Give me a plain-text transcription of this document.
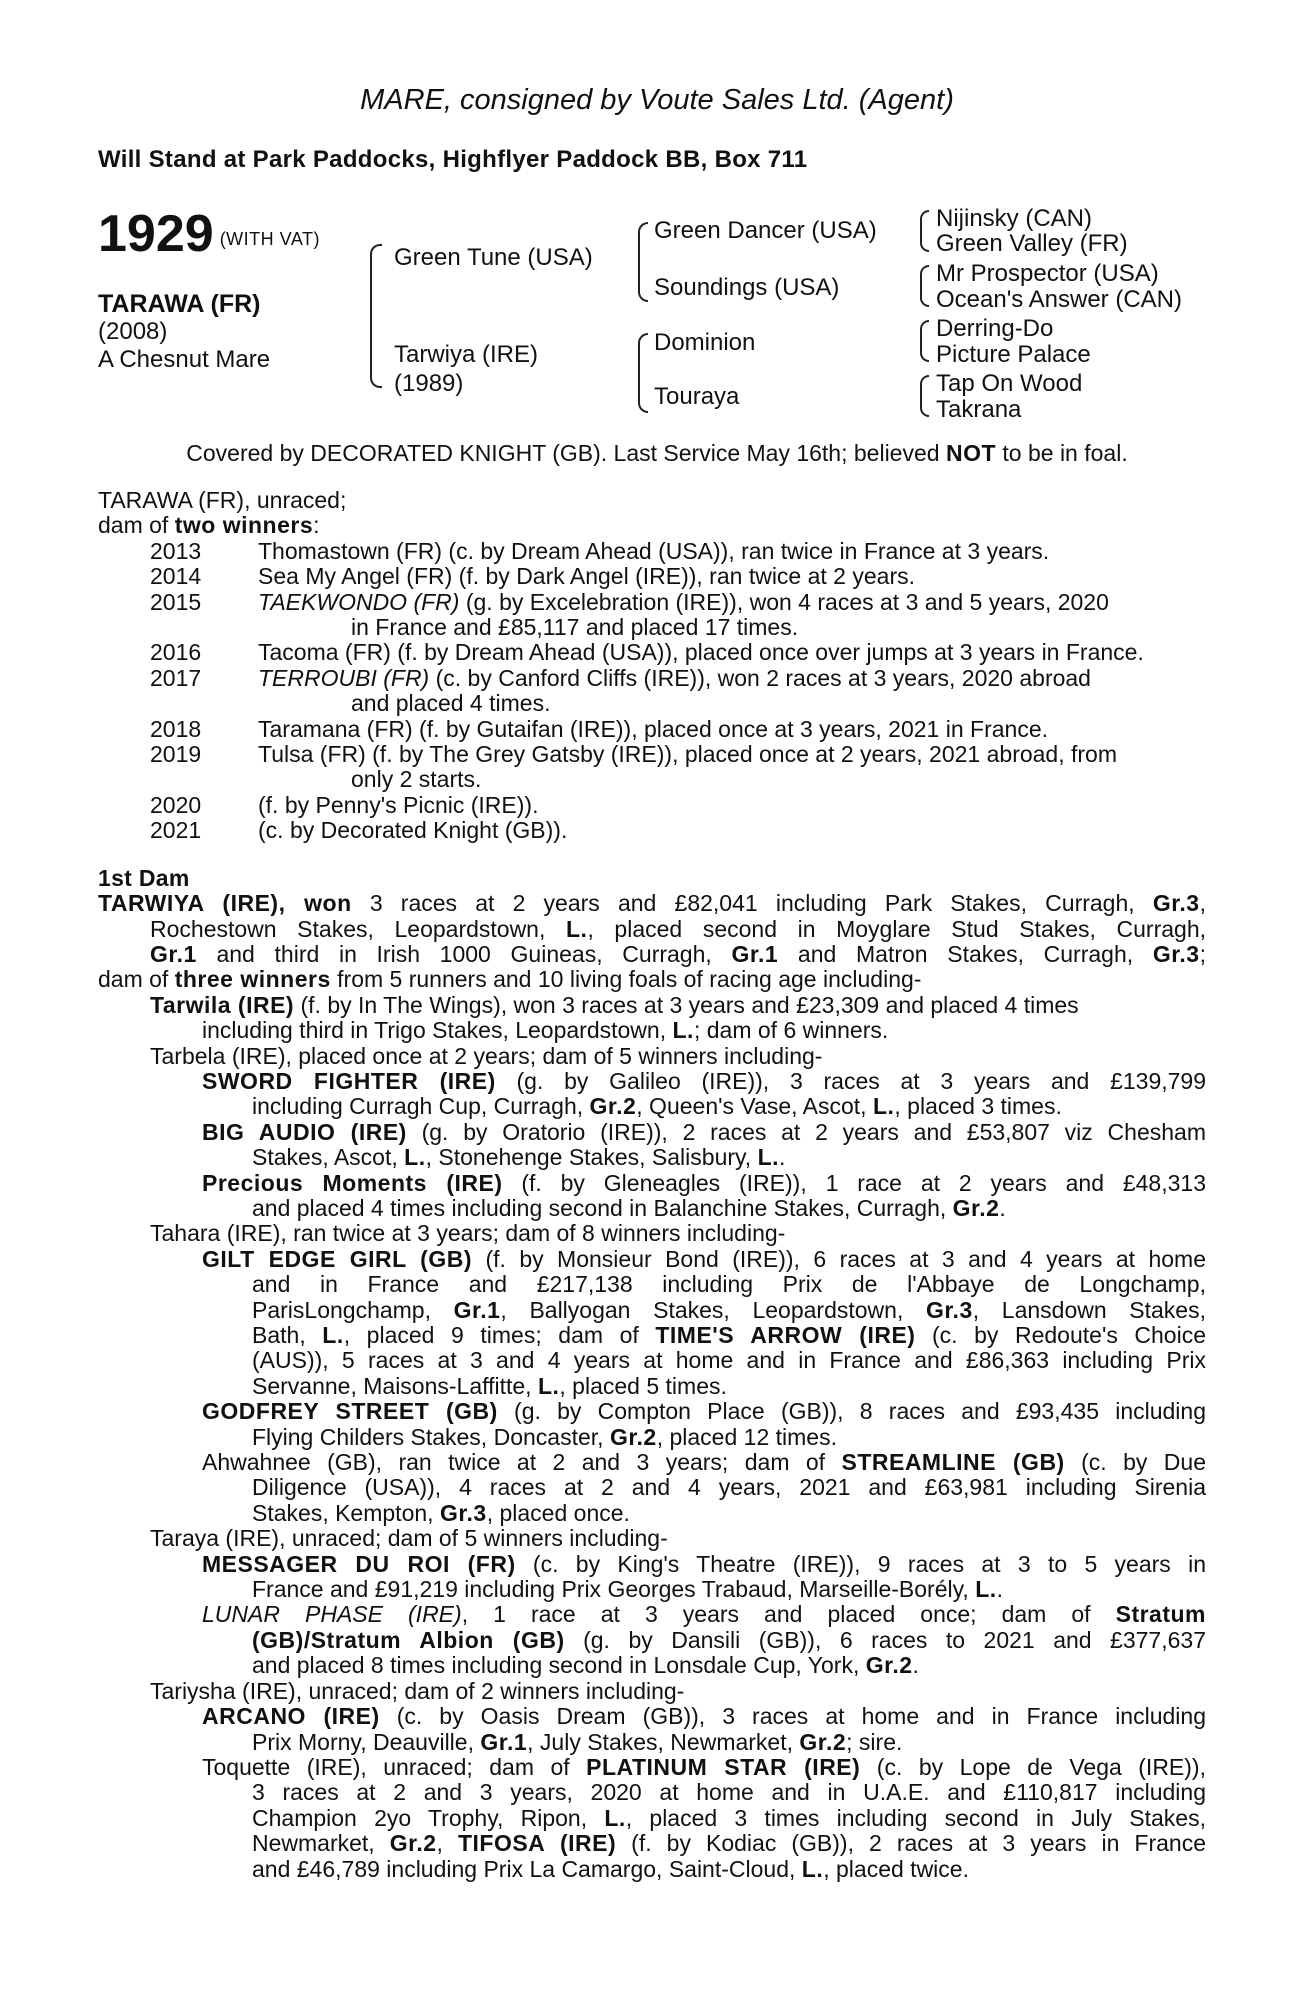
MARE, consigned by Voute Sales Ltd. (Agent)
Will Stand at Park Paddocks, Highflyer Paddock BB, Box 711
1929 (WITH VAT)
TARAWA (FR)
(2008)
A Chesnut Mare
Green Tune (USA)
Tarwiya (IRE)
(1989)
Green Dancer (USA)
Soundings (USA)
Dominion
Touraya
Nijinsky (CAN)
Green Valley (FR)
Mr Prospector (USA)
Ocean's Answer (CAN)
Derring-Do
Picture Palace
Tap On Wood
Takrana
Covered by DECORATED KNIGHT (GB). Last Service May 16th; believed NOT to be in foal.
TARAWA (FR), unraced;
dam of two winners:
2013	Thomastown (FR) (c. by Dream Ahead (USA)), ran twice in France at 3 years.
2014	Sea My Angel (FR) (f. by Dark Angel (IRE)), ran twice at 2 years.
2015	TAEKWONDO (FR) (g. by Excelebration (IRE)), won 4 races at 3 and 5 years, 2020
in France and £85,117 and placed 17 times.
2016	Tacoma (FR) (f. by Dream Ahead (USA)), placed once over jumps at 3 years in France.
2017	TERROUBI (FR) (c. by Canford Cliffs (IRE)), won 2 races at 3 years, 2020 abroad
and placed 4 times.
2018	Taramana (FR) (f. by Gutaifan (IRE)), placed once at 3 years, 2021 in France.
2019	Tulsa (FR) (f. by The Grey Gatsby (IRE)), placed once at 2 years, 2021 abroad, from
only 2 starts.
2020	(f. by Penny's Picnic (IRE)).
2021	(c. by Decorated Knight (GB)).
1st Dam
TARWIYA (IRE), won 3 races at 2 years and £82,041 including Park Stakes, Curragh, Gr.3,
Rochestown Stakes, Leopardstown, L., placed second in Moyglare Stud Stakes, Curragh,
Gr.1 and third in Irish 1000 Guineas, Curragh, Gr.1 and Matron Stakes, Curragh, Gr.3;
dam of three winners from 5 runners and 10 living foals of racing age including-
Tarwila (IRE) (f. by In The Wings), won 3 races at 3 years and £23,309 and placed 4 times
including third in Trigo Stakes, Leopardstown, L.; dam of 6 winners.
Tarbela (IRE), placed once at 2 years; dam of 5 winners including-
SWORD FIGHTER (IRE) (g. by Galileo (IRE)), 3 races at 3 years and £139,799
including Curragh Cup, Curragh, Gr.2, Queen's Vase, Ascot, L., placed 3 times.
BIG AUDIO (IRE) (g. by Oratorio (IRE)), 2 races at 2 years and £53,807 viz Chesham
Stakes, Ascot, L., Stonehenge Stakes, Salisbury, L..
Precious Moments (IRE) (f. by Gleneagles (IRE)), 1 race at 2 years and £48,313
and placed 4 times including second in Balanchine Stakes, Curragh, Gr.2.
Tahara (IRE), ran twice at 3 years; dam of 8 winners including-
GILT EDGE GIRL (GB) (f. by Monsieur Bond (IRE)), 6 races at 3 and 4 years at home
and in France and £217,138 including Prix de l'Abbaye de Longchamp,
ParisLongchamp, Gr.1, Ballyogan Stakes, Leopardstown, Gr.3, Lansdown Stakes,
Bath, L., placed 9 times; dam of TIME'S ARROW (IRE) (c. by Redoute's Choice
(AUS)), 5 races at 3 and 4 years at home and in France and £86,363 including Prix
Servanne, Maisons-Laffitte, L., placed 5 times.
GODFREY STREET (GB) (g. by Compton Place (GB)), 8 races and £93,435 including
Flying Childers Stakes, Doncaster, Gr.2, placed 12 times.
Ahwahnee (GB), ran twice at 2 and 3 years; dam of STREAMLINE (GB) (c. by Due
Diligence (USA)), 4 races at 2 and 4 years, 2021 and £63,981 including Sirenia
Stakes, Kempton, Gr.3, placed once.
Taraya (IRE), unraced; dam of 5 winners including-
MESSAGER DU ROI (FR) (c. by King's Theatre (IRE)), 9 races at 3 to 5 years in
France and £91,219 including Prix Georges Trabaud, Marseille-Borély, L..
LUNAR PHASE (IRE), 1 race at 3 years and placed once; dam of Stratum
(GB)/Stratum Albion (GB) (g. by Dansili (GB)), 6 races to 2021 and £377,637
and placed 8 times including second in Lonsdale Cup, York, Gr.2.
Tariysha (IRE), unraced; dam of 2 winners including-
ARCANO (IRE) (c. by Oasis Dream (GB)), 3 races at home and in France including
Prix Morny, Deauville, Gr.1, July Stakes, Newmarket, Gr.2; sire.
Toquette (IRE), unraced; dam of PLATINUM STAR (IRE) (c. by Lope de Vega (IRE)),
3 races at 2 and 3 years, 2020 at home and in U.A.E. and £110,817 including
Champion 2yo Trophy, Ripon, L., placed 3 times including second in July Stakes,
Newmarket, Gr.2, TIFOSA (IRE) (f. by Kodiac (GB)), 2 races at 3 years in France
and £46,789 including Prix La Camargo, Saint-Cloud, L., placed twice.
